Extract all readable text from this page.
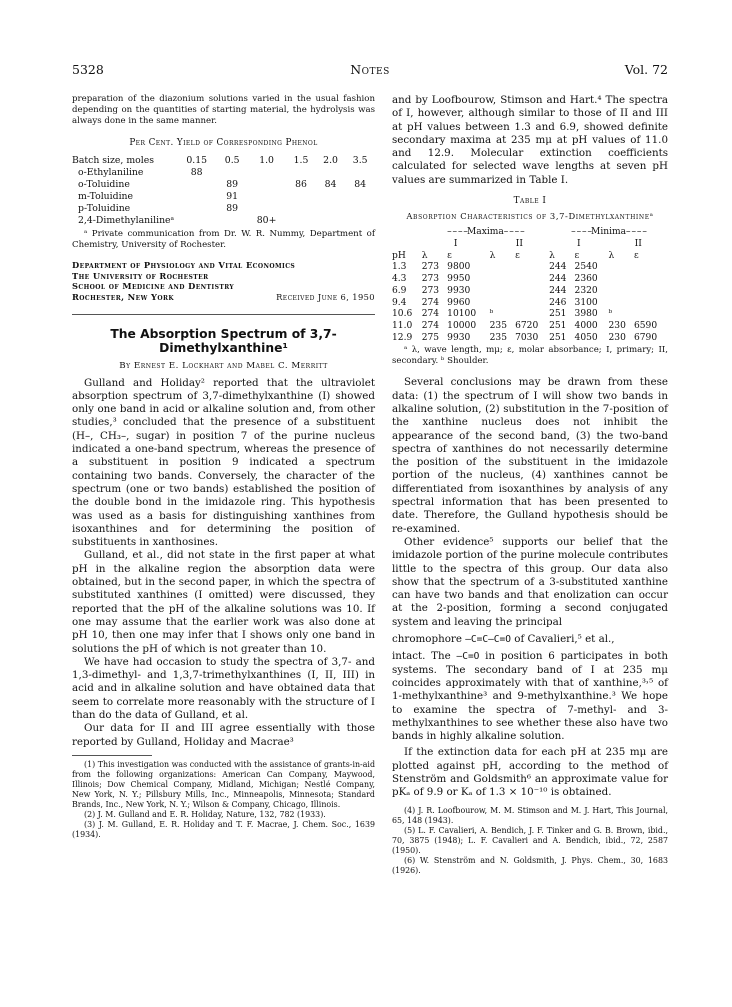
5328	Notes	Vol. 72

preparation of the diazonium solutions varied in the usual fashion depending on the quantities of starting material, the hydrolysis was always done in the same manner.

Per Cent. Yield of Corresponding Phenol
Batch size, moles	0.15	0.5	1.0	1.5	2.0	3.5
o-Ethylaniline	88					
o-Toluidine		89		86	84	84
m-Toluidine		91				
p-Toluidine		89				
2,4-Dimethylanilineᵃ			80+			

ᵃ Private communication from Dr. W. R. Nummy, Department of Chemistry, University of Rochester.

Department of Physiology and Vital Economics
The University of Rochester
School of Medicine and Dentistry
Rochester, New York	Received June 6, 1950
The Absorption Spectrum of 3,7-Dimethylxanthine¹
By Ernest E. Lockhart and Mabel C. Merritt

Gulland and Holiday² reported that the ultraviolet absorption spectrum of 3,7-dimethylxanthine (I) showed only one band in acid or alkaline solution and, from other studies,³ concluded that the presence of a substituent (H–, CH₃–, sugar) in position 7 of the purine nucleus indicated a one-band spectrum, whereas the presence of a substituent in position 9 indicated a spectrum containing two bands. Conversely, the character of the spectrum (one or two bands) established the position of the double bond in the imidazole ring. This hypothesis was used as a basis for distinguishing xanthines from isoxanthines and for determining the position of substituents in xanthosines.

Gulland, et al., did not state in the first paper at what pH in the alkaline region the absorption data were obtained, but in the second paper, in which the spectra of substituted xanthines (I omitted) were discussed, they reported that the pH of the alkaline solutions was 10. If one may assume that the earlier work was also done at pH 10, then one may infer that I shows only one band in solutions the pH of which is not greater than 10.

We have had occasion to study the spectra of 3,7- and 1,3-dimethyl- and 1,3,7-trimethylxanthines (I, II, III) in acid and in alkaline solution and have obtained data that seem to correlate more reasonably with the structure of I than do the data of Gulland, et al.

Our data for II and III agree essentially with those reported by Gulland, Holiday and Macrae³

(1) This investigation was conducted with the assistance of grants-in-aid from the following organizations: American Can Company, Maywood, Illinois; Dow Chemical Company, Midland, Michigan; Nestlé Company, New York, N. Y.; Pillsbury Mills, Inc., Minneapolis, Minnesota; Standard Brands, Inc., New York, N. Y.; Wilson & Company, Chicago, Illinois.

(2) J. M. Gulland and E. R. Holiday, Nature, 132, 782 (1933).

(3) J. M. Gulland, E. R. Holiday and T. F. Macrae, J. Chem. Soc., 1639 (1934).

and by Loofbourow, Stimson and Hart.⁴ The spectra of I, however, although similar to those of II and III at pH values between 1.3 and 6.9, showed definite secondary maxima at 235 mμ at pH values of 11.0 and 12.9. Molecular extinction coefficients calculated for selected wave lengths at seven pH values are summarized in Table I.

Table I
Absorption Characteristics of 3,7-Dimethylxanthineᵃ
	– – – –Maxima– – – –				– – – –Minima– – – –			
	I		II		I		II	
pH	λ	ε	λ	ε	λ	ε	λ	ε
1.3	273	9800			244	2540		
4.3	273	9950			244	2360		
6.9	273	9930			244	2320		
9.4	274	9960			246	3100		
10.6	274	10100	ᵇ		251	3980	ᵇ	
11.0	274	10000	235	6720	251	4000	230	6590
12.9	275	9930	235	7030	251	4050	230	6790

ᵃ λ, wave length, mμ; ε, molar absorbance; I, primary; II, secondary. ᵇ Shoulder.

Several conclusions may be drawn from these data: (1) the spectrum of I will show two bands in alkaline solution, (2) substitution in the 7-position of the xanthine nucleus does not inhibit the appearance of the second band, (3) the two-band spectra of xanthines do not necessarily determine the position of the substituent in the imidazole portion of the nucleus, (4) xanthines cannot be differentiated from isoxanthines by analysis of any spectral information that has been presented to date. Therefore, the Gulland hypothesis should be re-examined.

Other evidence⁵ supports our belief that the imidazole portion of the purine molecule contributes little to the spectra of this group. Our data also show that the spectrum of a 3-substituted xanthine can have two bands and that enolization can occur at the 2-position, forming a second conjugated system and leaving the principal

chromophore —C=C—C=O of Cavalieri,⁵ et al.,

intact. The —C=O in position 6 participates in both systems. The secondary band of I at 235 mμ coincides approximately with that of xanthine,³˒⁵ of 1-methylxanthine³ and 9-methylxanthine.³ We hope to examine the spectra of 7-methyl- and 3-methylxanthines to see whether these also have two bands in highly alkaline solution.

If the extinction data for each pH at 235 mμ are plotted against pH, according to the method of Stenström and Goldsmith⁶ an approximate value for pKₐ of 9.9 or Kₐ of 1.3 × 10⁻¹⁰ is obtained.

(4) J. R. Loofbourow, M. M. Stimson and M. J. Hart, This Journal, 65, 148 (1943).

(5) L. F. Cavalieri, A. Bendich, J. F. Tinker and G. B. Brown, ibid., 70, 3875 (1948); L. F. Cavalieri and A. Bendich, ibid., 72, 2587 (1950).

(6) W. Stenström and N. Goldsmith, J. Phys. Chem., 30, 1683 (1926).
